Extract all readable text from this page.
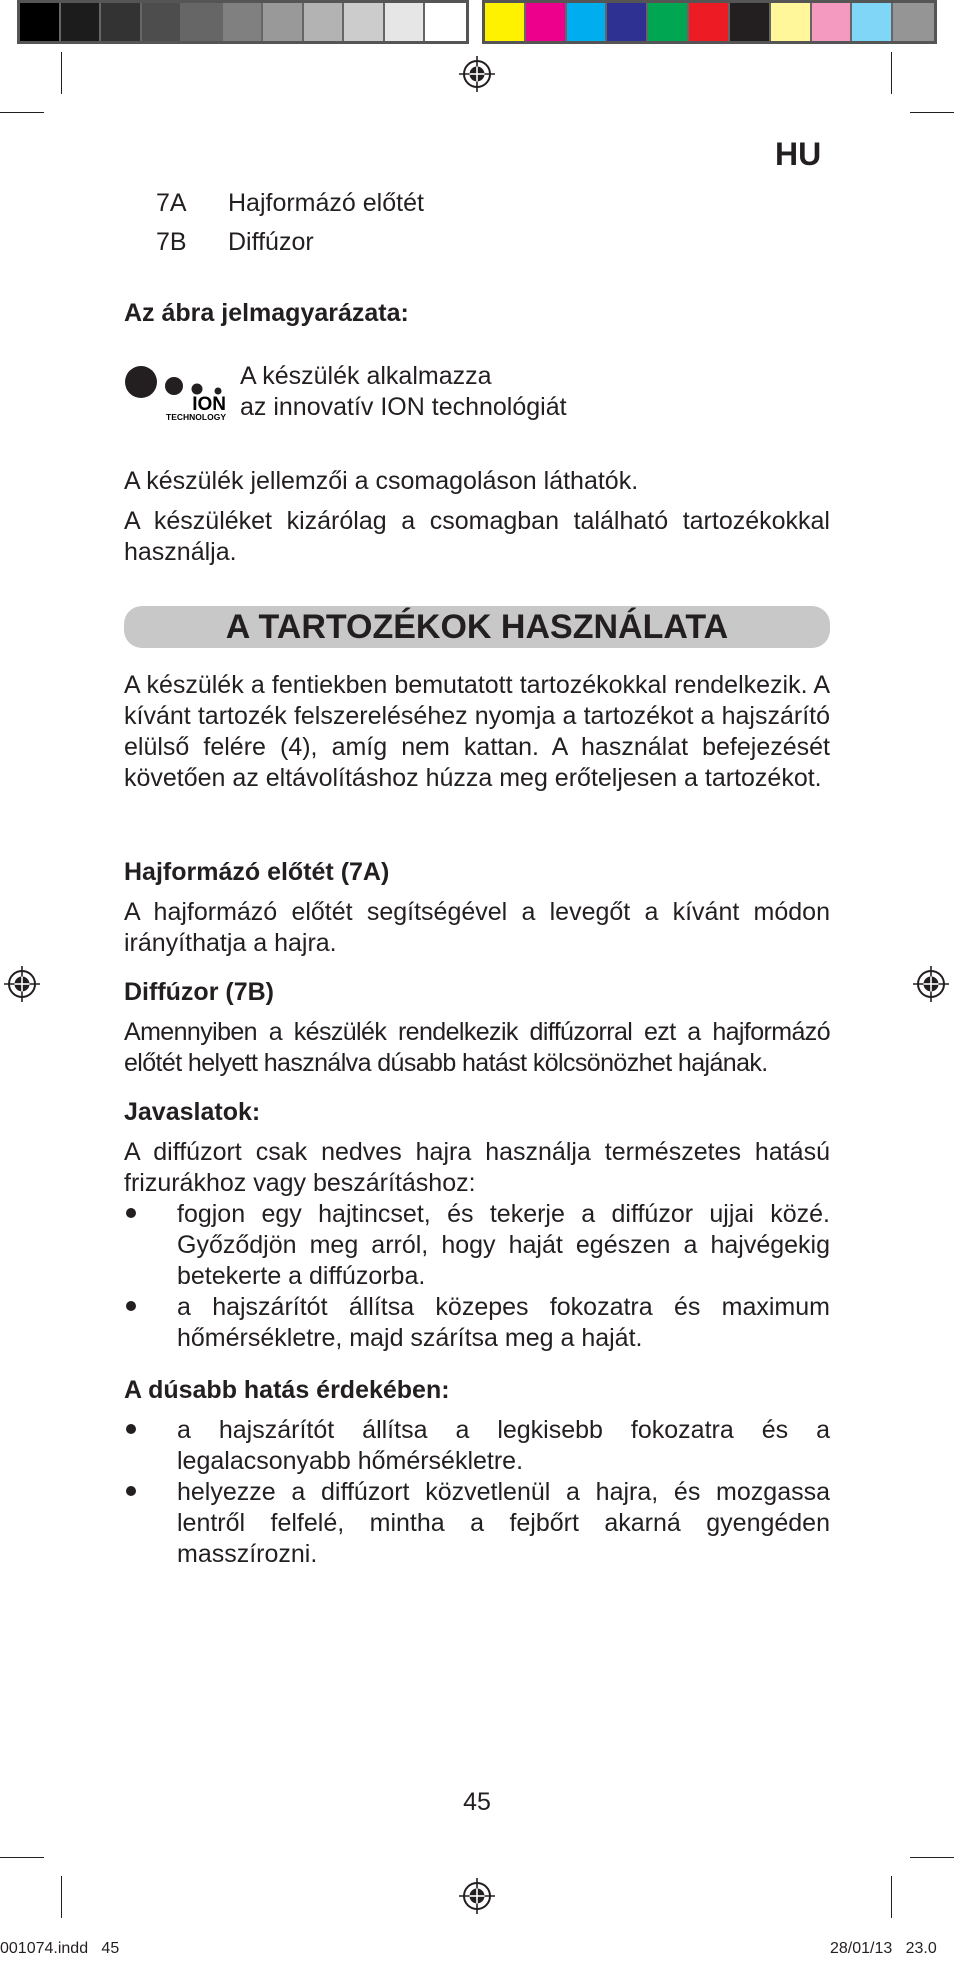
HU
7A Hajformázó előtét
7B Diffúzor
Az ábra jelmagyarázata:
ION
TECHNOLOGY
A készülék alkalmazza
az innovatív ION technológiát
A készülék jellemzői a csomagoláson láthatók.
A készüléket kizárólag a csomagban található tartozékokkal használja.
A TARTOZÉKOK HASZNÁLATA
A készülék a fentiekben bemutatott tartozékokkal rendelkezik. A kívánt tartozék felszereléséhez nyomja a tartozékot a hajszárító elülső felére (4), amíg nem kattan. A használat befejezését követően az eltávolításhoz húzza meg erőteljesen a tartozékot.
Hajformázó előtét (7A)
A hajformázó előtét segítségével a levegőt a kívánt módon irányíthatja a hajra.
Diffúzor (7B)
Amennyiben a készülék rendelkezik diffúzorral ezt a hajformázó előtét helyett használva dúsabb hatást kölcsönözhet hajának.
Javaslatok:
A diffúzort csak nedves hajra használja természetes hatású frizurákhoz vagy beszárításhoz:
fogjon egy hajtincset, és tekerje a diffúzor ujjai közé. Győződjön meg arról, hogy haját egészen a hajvégekig betekerte a diffúzorba.
a hajszárítót állítsa közepes fokozatra és maximum hőmérsékletre, majd szárítsa meg a haját.
A dúsabb hatás érdekében:
a hajszárítót állítsa a legkisebb fokozatra és a legalacsonyabb hőmérsékletre.
helyezze a diffúzort közvetlenül a hajra, és mozgassa lentről felfelé, mintha a fejbőrt akarná gyengéden masszírozni.
45
001074.indd   45	28/01/13   23.0
